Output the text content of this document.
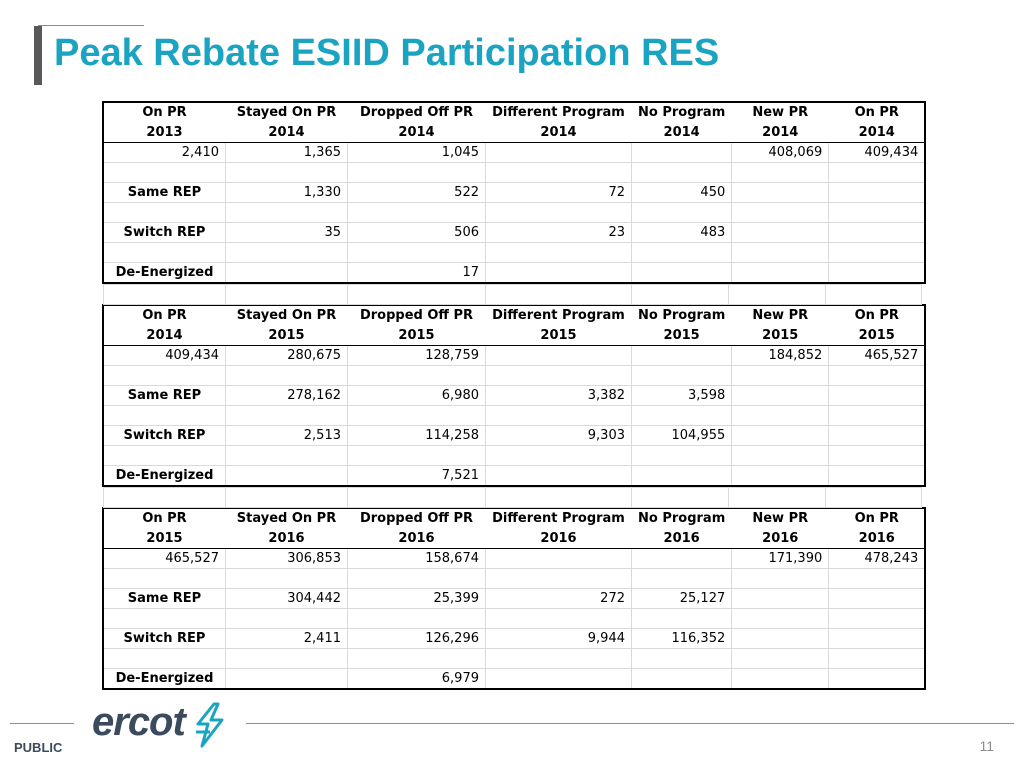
Peak Rebate ESIID Participation RES
On PR	Stayed On PR	Dropped Off PR	Different Program	No Program	New PR	On PR
2013	2014	2014	2014	2014	2014	2014
2,410	1,365	1,045			408,069	409,434

Same REP	1,330	522	72	450		

Switch REP	35	506	23	483		

De-Energized		17				
On PR	Stayed On PR	Dropped Off PR	Different Program	No Program	New PR	On PR
2014	2015	2015	2015	2015	2015	2015
409,434	280,675	128,759			184,852	465,527

Same REP	278,162	6,980	3,382	3,598		

Switch REP	2,513	114,258	9,303	104,955		

De-Energized		7,521				
On PR	Stayed On PR	Dropped Off PR	Different Program	No Program	New PR	On PR
2015	2016	2016	2016	2016	2016	2016
465,527	306,853	158,674			171,390	478,243

Same REP	304,442	25,399	272	25,127		

Switch REP	2,411	126,296	9,944	116,352		

De-Energized		6,979				

ercot
PUBLIC	11
